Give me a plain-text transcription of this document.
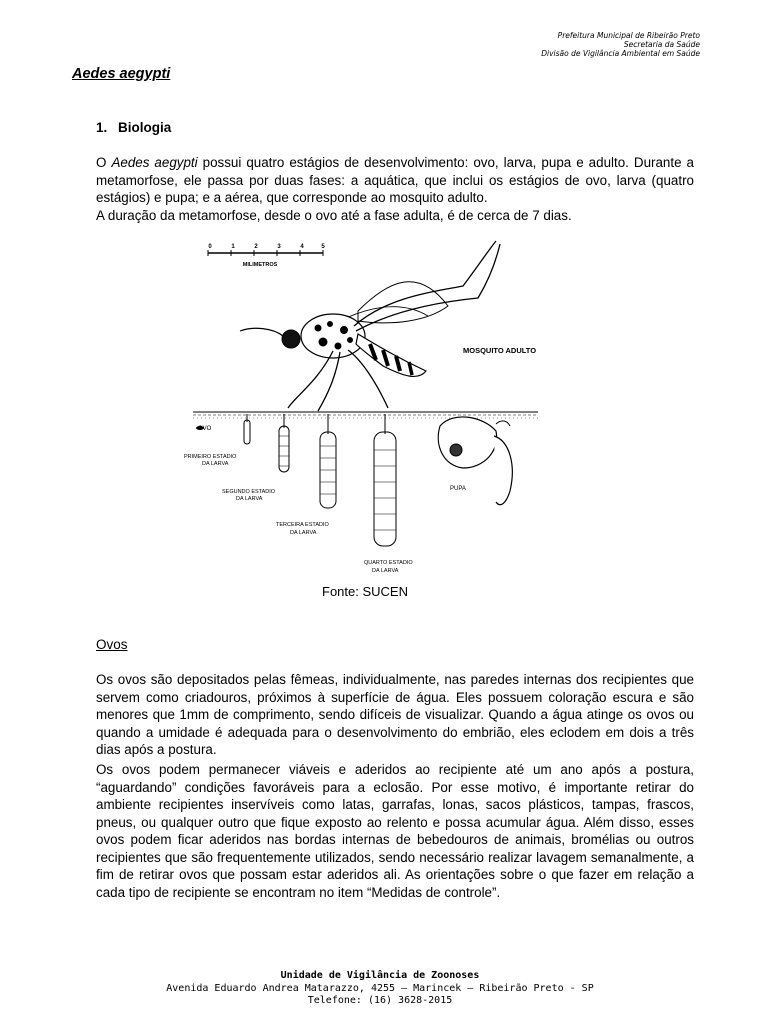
Prefeitura Municipal de Ribeirão Preto
Secretaria da Saúde
Divisão de Vigilância Ambiental em Saúde
Aedes aegypti
1. Biologia

O Aedes aegypti possui quatro estágios de desenvolvimento: ovo, larva, pupa e adulto. Durante a metamorfose, ele passa por duas fases: a aquática, que inclui os estágios de ovo, larva (quatro estágios) e pupa; e a aérea, que corresponde ao mosquito adulto.

A duração da metamorfose, desde o ovo até a fase adulta, é de cerca de 7 dias.

0	1	2	3	4	5
MILIMETROS
MOSQUITO ADULTO
OVO
PRIMEIRO ESTADIO
DA LARVA
SEGUNDO ESTADIO
DA LARVA
TERCEIRA ESTADIO
DA LARVA
QUARTO ESTADIO
DA LARVA
PUPA
Fonte: SUCEN
Ovos

Os ovos são depositados pelas fêmeas, individualmente, nas paredes internas dos recipientes que servem como criadouros, próximos à superfície de água. Eles possuem coloração escura e são menores que 1mm de comprimento, sendo difíceis de visualizar. Quando a água atinge os ovos ou quando a umidade é adequada para o desenvolvimento do embrião, eles eclodem em dois a três dias após a postura.

Os ovos podem permanecer viáveis e aderidos ao recipiente até um ano após a postura, “aguardando” condições favoráveis para a eclosão. Por esse motivo, é importante retirar do ambiente recipientes inservíveis como latas, garrafas, lonas, sacos plásticos, tampas, frascos, pneus, ou qualquer outro que fique exposto ao relento e possa acumular água. Além disso, esses ovos podem ficar aderidos nas bordas internas de bebedouros de animais, bromélias ou outros recipientes que são frequentemente utilizados, sendo necessário realizar lavagem semanalmente, a fim de retirar ovos que possam estar aderidos ali. As orientações sobre o que fazer em relação a cada tipo de recipiente se encontram no item “Medidas de controle”.

Unidade de Vigilância de Zoonoses
Avenida Eduardo Andrea Matarazzo, 4255 – Marincek – Ribeirão Preto - SP
Telefone: (16) 3628-2015
